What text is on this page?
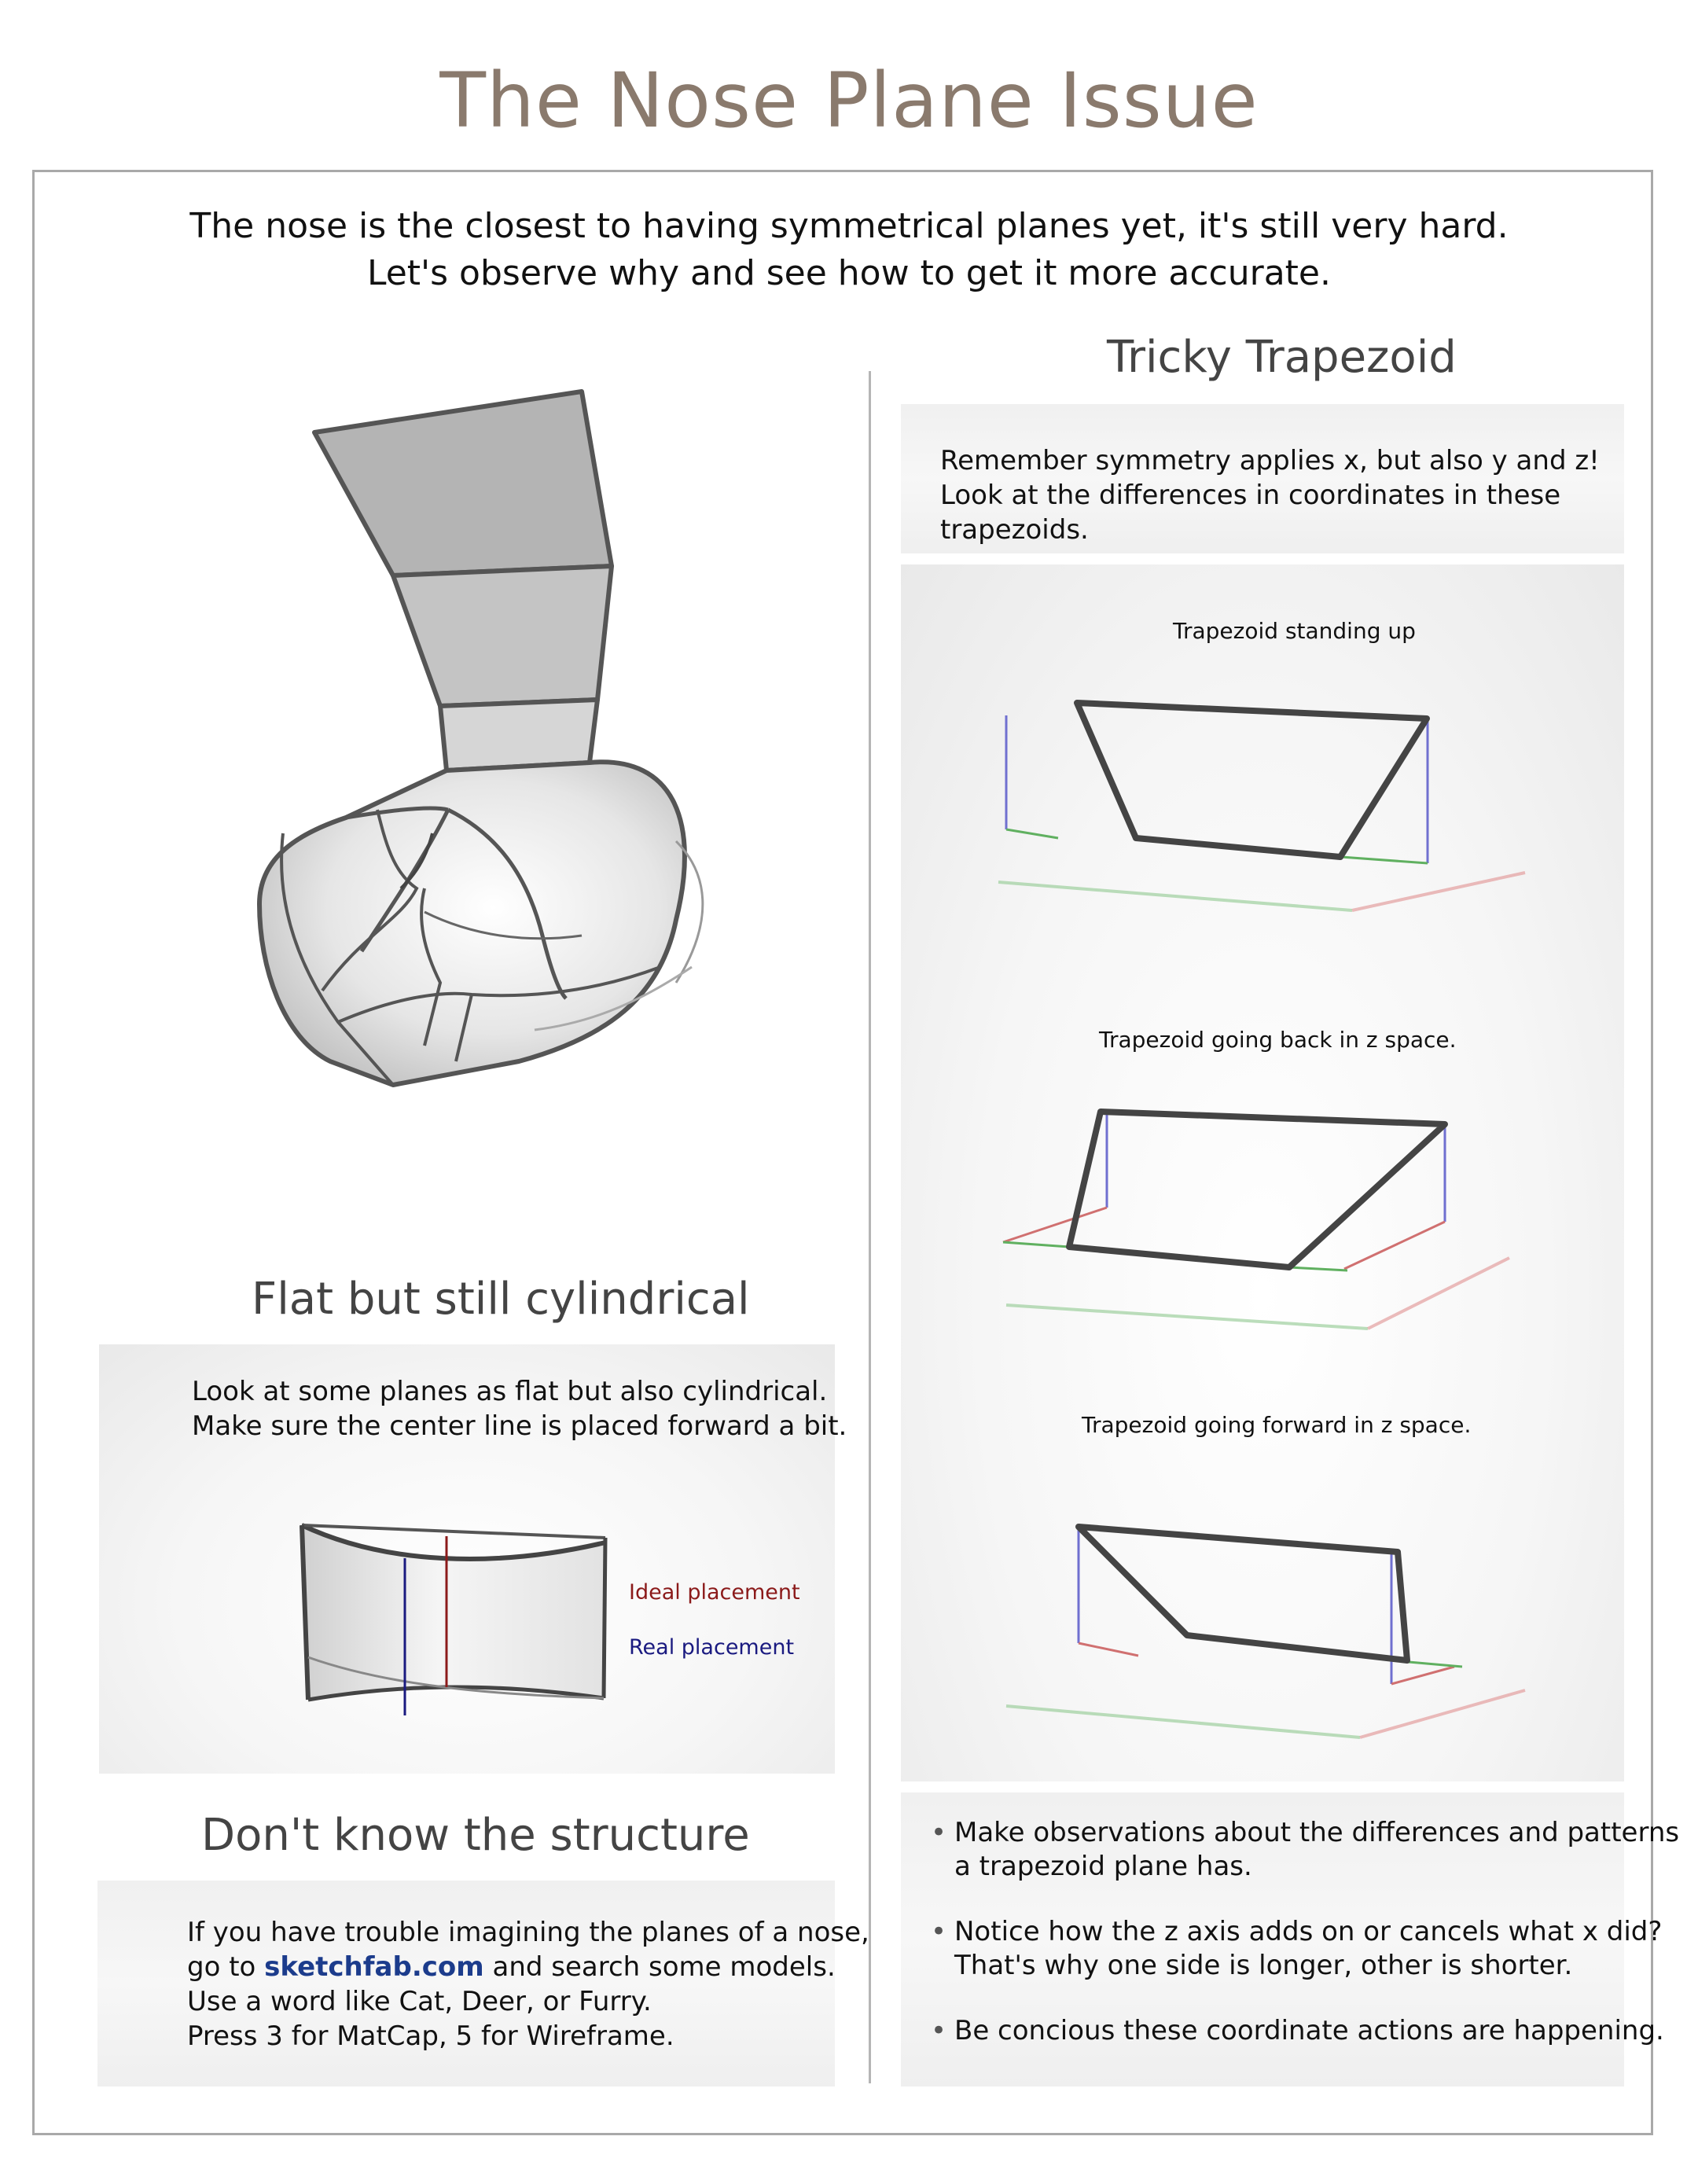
The Nose Plane Issue
The nose is the closest to having symmetrical planes yet, it's still very hard.
Let's observe why and see how to get it more accurate.
Flat but still cylindrical

Look at some planes as flat but also cylindrical.

Make sure the center line is placed forward a bit.

Ideal placement
Real placement
Don't know the structure

If you have trouble imagining the planes of a nose,

go to sketchfab.com and search some models.

Use a word like Cat, Deer, or Furry.

Press 3 for MatCap, 5 for Wireframe.

Tricky Trapezoid

Remember symmetry applies x, but also y and z!

Look at the differences in coordinates in these trapezoids.

Trapezoid standing up
Trapezoid going back in z space.
Trapezoid going forward in z space.
• Make observations about the differences and patterns
a trapezoid plane has.
• Notice how the z axis adds on or cancels what x did?
That's why one side is longer, other is shorter.
• Be concious these coordinate actions are happening.
